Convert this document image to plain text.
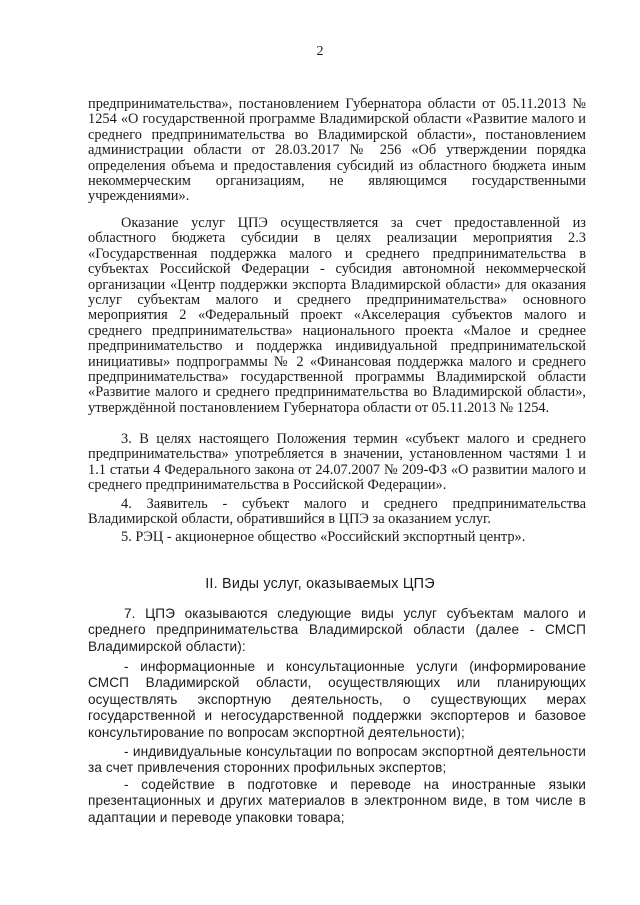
2

предпринимательства», постановлением Губернатора области от 05.11.2013 № 1254 «О государственной программе Владимирской области «Развитие малого и среднего предпринимательства во Владимирской области», постановлением администрации области от 28.03.2017 № 256 «Об утверждении порядка определения объема и предоставления субсидий из областного бюджета иным некоммерческим организациям, не являющимся государственными учреждениями».

Оказание услуг ЦПЭ осуществляется за счет предоставленной из областного бюджета субсидии в целях реализации мероприятия 2.3 «Государственная поддержка малого и среднего предпринимательства в субъектах Российской Федерации - субсидия автономной некоммерческой организации «Центр поддержки экспорта Владимирской области» для оказания услуг субъектам малого и среднего предпринимательства» основного мероприятия 2 «Федеральный проект «Акселерация субъектов малого и среднего предпринимательства» национального проекта «Малое и среднее предпринимательство и поддержка индивидуальной предпринимательской инициативы» подпрограммы № 2 «Финансовая поддержка малого и среднего предпринимательства» государственной программы Владимирской области «Развитие малого и среднего предпринимательства во Владимирской области», утверждённой постановлением Губернатора области от 05.11.2013 № 1254.

3. В целях настоящего Положения термин «субъект малого и среднего предпринимательства» употребляется в значении, установленном частями 1 и 1.1 статьи 4 Федерального закона от 24.07.2007 № 209-ФЗ «О развитии малого и среднего предпринимательства в Российской Федерации».

4. Заявитель - субъект малого и среднего предпринимательства Владимирской области, обратившийся в ЦПЭ за оказанием услуг.

5. РЭЦ - акционерное общество «Российский экспортный центр».

II. Виды услуг, оказываемых ЦПЭ

7. ЦПЭ оказываются следующие виды услуг субъектам малого и среднего предпринимательства Владимирской области (далее - СМСП Владимирской области):

- информационные и консультационные услуги (информирование СМСП Владимирской области, осуществляющих или планирующих осуществлять экспортную деятельность, о существующих мерах государственной и негосударственной поддержки экспортеров и базовое консультирование по вопросам экспортной деятельности);

- индивидуальные консультации по вопросам экспортной деятельности за счет привлечения сторонних профильных экспертов;

- содействие в подготовке и переводе на иностранные языки презентационных и других материалов в электронном виде, в том числе в адаптации и переводе упаковки товара;
